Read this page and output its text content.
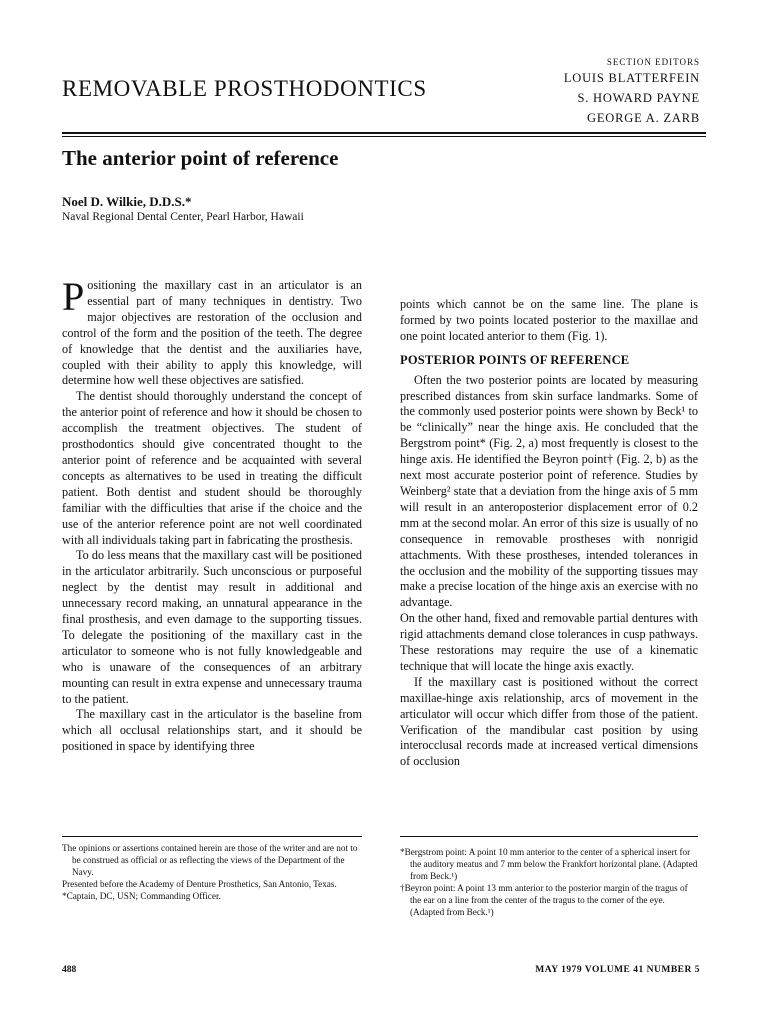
REMOVABLE PROSTHODONTICS
SECTION EDITORS
LOUIS BLATTERFEIN
S. HOWARD PAYNE
GEORGE A. ZARB
The anterior point of reference
Noel D. Wilkie, D.D.S.*
Naval Regional Dental Center, Pearl Harbor, Hawaii

Positioning the maxillary cast in an articulator is an essential part of many techniques in dentistry. Two major objectives are restoration of the occlusion and control of the form and the position of the teeth. The degree of knowledge that the dentist and the auxiliaries have, coupled with their ability to apply this knowledge, will determine how well these objectives are satisfied.

The dentist should thoroughly understand the concept of the anterior point of reference and how it should be chosen to accomplish the treatment objectives. The student of prosthodontics should give concentrated thought to the anterior point of reference and be acquainted with several concepts as alternatives to be used in treating the difficult patient. Both dentist and student should be thoroughly familiar with the difficulties that arise if the choice and the use of the anterior reference point are not well coordinated with all individuals taking part in fabricating the prosthesis.

To do less means that the maxillary cast will be positioned in the articulator arbitrarily. Such unconscious or purposeful neglect by the dentist may result in additional and unnecessary record making, an unnatural appearance in the final prosthesis, and even damage to the supporting tissues. To delegate the positioning of the maxillary cast in the articulator to someone who is not fully knowledgeable and who is unaware of the consequences of an arbitrary mounting can result in extra expense and unnecessary trauma to the patient.

The maxillary cast in the articulator is the baseline from which all occlusal relationships start, and it should be positioned in space by identifying three

points which cannot be on the same line. The plane is formed by two points located posterior to the maxillae and one point located anterior to them (Fig. 1).

POSTERIOR POINTS OF REFERENCE

Often the two posterior points are located by measuring prescribed distances from skin surface landmarks. Some of the commonly used posterior points were shown by Beck¹ to be “clinically” near the hinge axis. He concluded that the Bergstrom point* (Fig. 2, a) most frequently is closest to the hinge axis. He identified the Beyron point† (Fig. 2, b) as the next most accurate posterior point of reference. Studies by Weinberg² state that a deviation from the hinge axis of 5 mm will result in an anteroposterior displacement error of 0.2 mm at the second molar. An error of this size is usually of no consequence in removable prostheses with nonrigid attachments. With these prostheses, intended tolerances in the occlusion and the mobility of the supporting tissues may make a precise location of the hinge axis an exercise with no advantage.

On the other hand, fixed and removable partial dentures with rigid attachments demand close tolerances in cusp pathways. These restorations may require the use of a kinematic technique that will locate the hinge axis exactly.

If the maxillary cast is positioned without the correct maxillae-hinge axis relationship, arcs of movement in the articulator will occur which differ from those of the patient. Verification of the mandibular cast position by using interocclusal records made at increased vertical dimensions of occlusion

The opinions or assertions contained herein are those of the writer and are not to be construed as official or as reflecting the views of the Department of the Navy.

Presented before the Academy of Denture Prosthetics, San Antonio, Texas.

*Captain, DC, USN; Commanding Officer.

*Bergstrom point: A point 10 mm anterior to the center of a spherical insert for the auditory meatus and 7 mm below the Frankfort horizontal plane. (Adapted from Beck.¹)

†Beyron point: A point 13 mm anterior to the posterior margin of the tragus of the ear on a line from the center of the tragus to the corner of the eye. (Adapted from Beck.¹)

488	MAY 1979 VOLUME 41 NUMBER 5
